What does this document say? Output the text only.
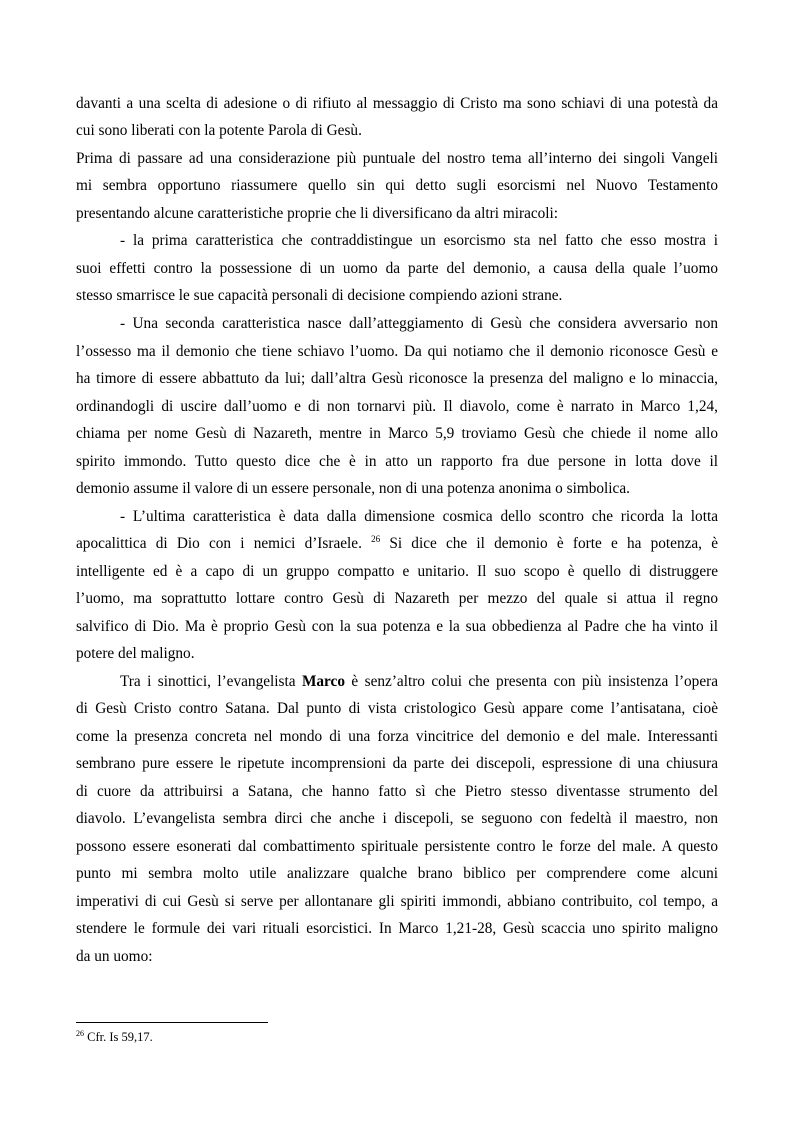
davanti a una scelta di adesione o di rifiuto al messaggio di Cristo ma sono schiavi di una potestà da
cui sono liberati con la potente Parola di Gesù.
Prima di passare ad una considerazione più puntuale del nostro tema all’interno dei singoli Vangeli
mi sembra opportuno riassumere quello sin qui detto sugli esorcismi nel Nuovo Testamento
presentando alcune caratteristiche proprie che li diversificano da altri miracoli:
- la prima caratteristica che contraddistingue un esorcismo sta nel fatto che esso mostra i
suoi effetti contro la possessione di un uomo da parte del demonio, a causa della quale l’uomo
stesso smarrisce le sue capacità personali di decisione compiendo azioni strane.
- Una seconda caratteristica nasce dall’atteggiamento di Gesù che considera avversario non
l’ossesso ma il demonio che tiene schiavo l’uomo. Da qui notiamo che il demonio riconosce Gesù e
ha timore di essere abbattuto da lui; dall’altra Gesù riconosce la presenza del maligno e lo minaccia,
ordinandogli di uscire dall’uomo e di non tornarvi più. Il diavolo, come è narrato in Marco 1,24,
chiama per nome Gesù di Nazareth, mentre in Marco 5,9 troviamo Gesù che chiede il nome allo
spirito immondo. Tutto questo dice che è in atto un rapporto fra due persone in lotta dove il
demonio assume il valore di un essere personale, non di una potenza anonima o simbolica.
- L’ultima caratteristica è data dalla dimensione cosmica dello scontro che ricorda la lotta
apocalittica di Dio con i nemici d’Israele. $^{26}$ Si dice che il demonio è forte e ha potenza, è
intelligente ed è a capo di un gruppo compatto e unitario. Il suo scopo è quello di distruggere
l’uomo, ma soprattutto lottare contro Gesù di Nazareth per mezzo del quale si attua il regno
salvifico di Dio. Ma è proprio Gesù con la sua potenza e la sua obbedienza al Padre che ha vinto il
potere del maligno.
Tra i sinottici, l’evangelista Marco è senz’altro colui che presenta con più insistenza l’opera
di Gesù Cristo contro Satana. Dal punto di vista cristologico Gesù appare come l’antisatana, cioè
come la presenza concreta nel mondo di una forza vincitrice del demonio e del male. Interessanti
sembrano pure essere le ripetute incomprensioni da parte dei discepoli, espressione di una chiusura
di cuore da attribuirsi a Satana, che hanno fatto sì che Pietro stesso diventasse strumento del
diavolo. L’evangelista sembra dirci che anche i discepoli, se seguono con fedeltà il maestro, non
possono essere esonerati dal combattimento spirituale persistente contro le forze del male. A questo
punto mi sembra molto utile analizzare qualche brano biblico per comprendere come alcuni
imperativi di cui Gesù si serve per allontanare gli spiriti immondi, abbiano contribuito, col tempo, a
stendere le formule dei vari rituali esorcistici. In Marco 1,21-28, Gesù scaccia uno spirito maligno
da un uomo:
$^{26}$ Cfr. Is 59,17.
